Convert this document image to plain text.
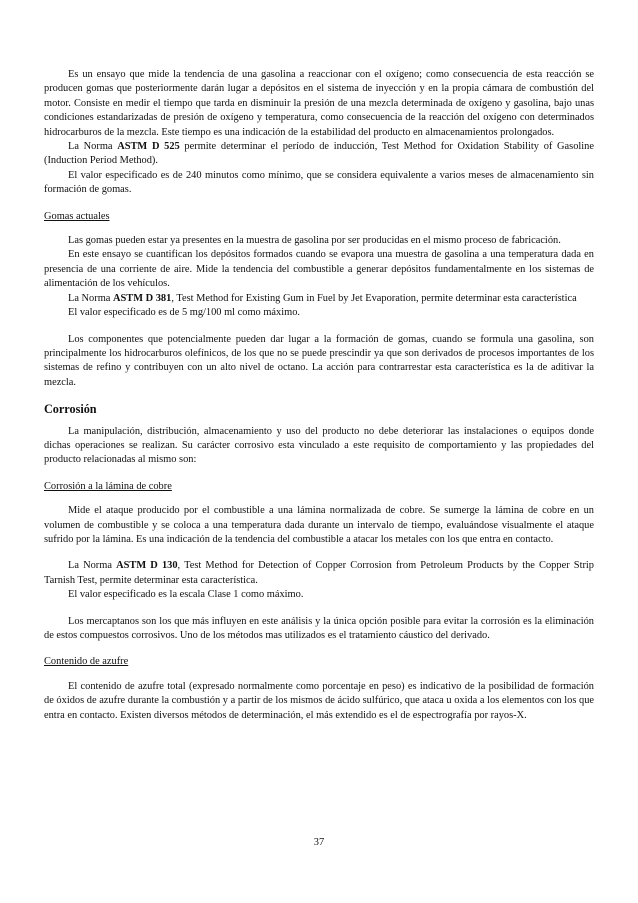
Es un ensayo que mide la tendencia de una gasolina a reaccionar con el oxígeno; como consecuencia de esta reacción se producen gomas que posteriormente darán lugar a depósitos en el sistema de inyección y en la propia cámara de combustión del motor. Consiste en medir el tiempo que tarda en disminuir la presión de una mezcla determinada de oxígeno y gasolina, bajo unas condiciones estandarizadas de presión de oxígeno y temperatura, como consecuencia de la reacción del oxígeno con determinados hidrocarburos de la mezcla. Este tiempo es una indicación de la estabilidad del producto en almacenamientos prolongados.

La Norma ASTM D 525 permite determinar el período de inducción, Test Method for Oxidation Stability of Gasoline (Induction Period Method).

El valor especificado es de 240 minutos como mínimo, que se considera equivalente a varios meses de almacenamiento sin formación de gomas.

Gomas actuales

Las gomas pueden estar ya presentes en la muestra de gasolina por ser producidas en el mismo proceso de fabricación.

En este ensayo se cuantifican los depósitos formados cuando se evapora una muestra de gasolina a una temperatura dada en presencia de una corriente de aire. Mide la tendencia del combustible a generar depósitos fundamentalmente en los sistemas de alimentación de los vehículos.

La Norma ASTM D 381, Test Method for Existing Gum in Fuel by Jet Evaporation, permite determinar esta característica

El valor especificado es de 5 mg/100 ml como máximo.

Los componentes que potencialmente pueden dar lugar a la formación de gomas, cuando se formula una gasolina, son principalmente los hidrocarburos olefínicos, de los que no se puede prescindir ya que son derivados de procesos importantes de los sistemas de refino y contribuyen con un alto nivel de octano. La acción para contrarrestar esta característica es la de aditivar la mezcla.

Corrosión

La manipulación, distribución, almacenamiento y uso del producto no debe deteriorar las instalaciones o equipos donde dichas operaciones se realizan. Su carácter corrosivo esta vinculado a este requisito de comportamiento y las propiedades del producto relacionadas al mismo son:

Corrosión a la lámina de cobre

Mide el ataque producido por el combustible a una lámina normalizada de cobre. Se sumerge la lámina de cobre en un volumen de combustible y se coloca a una temperatura dada durante un intervalo de tiempo, evaluándose visualmente el ataque sufrido por la lámina. Es una indicación de la tendencia del combustible a atacar los metales con los que entra en contacto.

La Norma ASTM D 130, Test Method for Detection of Copper Corrosion from Petroleum Products by the Copper Strip Tarnish Test, permite determinar esta característica.

El valor especificado es la escala Clase 1 como máximo.

Los mercaptanos son los que más influyen en este análisis y la única opción posible para evitar la corrosión es la eliminación de estos compuestos corrosivos. Uno de los métodos mas utilizados es el tratamiento cáustico del derivado.

Contenido de azufre

El contenido de azufre total (expresado normalmente como porcentaje en peso) es indicativo de la posibilidad de formación de óxidos de azufre durante la combustión y a partir de los mismos de ácido sulfúrico, que ataca u oxida a los elementos con los que entra en contacto. Existen diversos métodos de determinación, el más extendido es el de espectrografía por rayos-X.

37
